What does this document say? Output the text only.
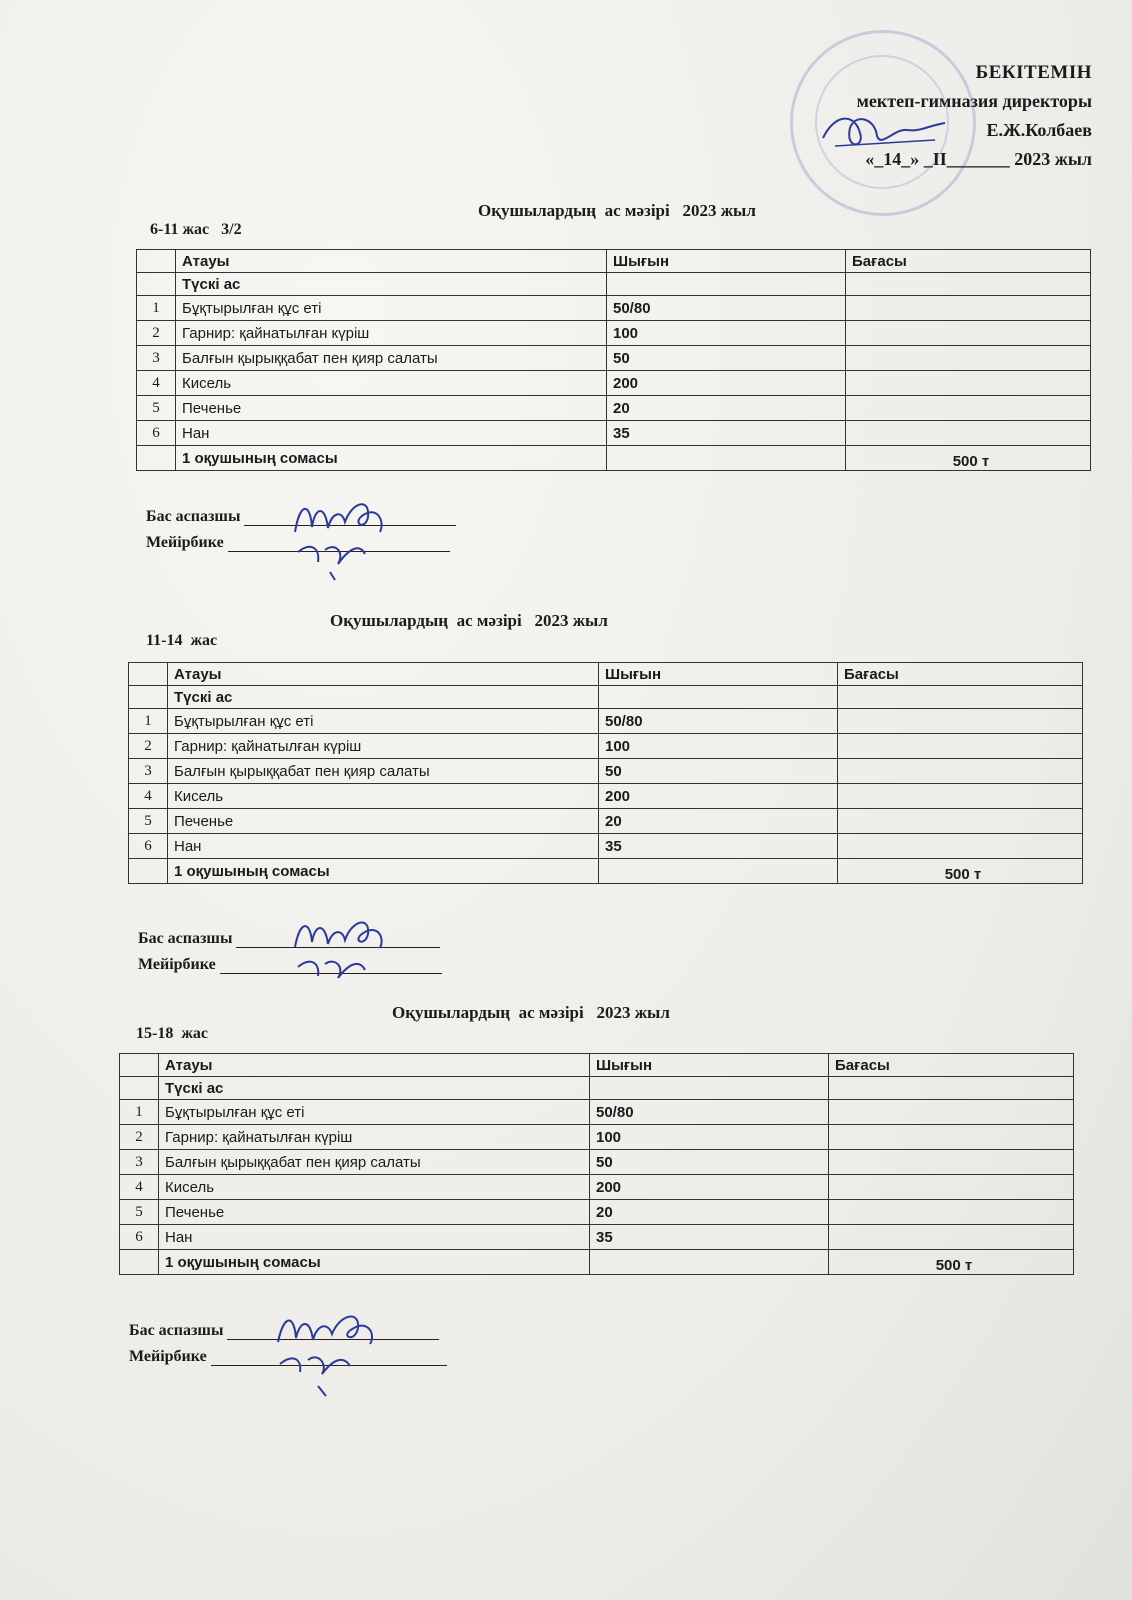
БЕКІТЕМІН
мектеп-гимназия директоры
Е.Ж.Колбаев
«_14_» _ІІ_______ 2023 жыл
Оқушылардың  ас мәзірі   2023 жыл
6-11 жас   3/2
	Атауы	Шығын	Бағасы
	Түскі ас		
1	Бұқтырылған құс еті	50/80	
2	Гарнир: қайнатылған күріш	100	
3	Балғын қырыққабат пен қияр салаты	50	
4	Кисель	200	
5	Печенье	20	
6	Нан	35	
	1 оқушының сомасы		500 т
Бас аспазшы
Мейірбике
Оқушылардың  ас мәзірі   2023 жыл
11-14  жас
	Атауы	Шығын	Бағасы
	Түскі ас		
1	Бұқтырылған құс еті	50/80	
2	Гарнир: қайнатылған күріш	100	
3	Балғын қырыққабат пен қияр салаты	50	
4	Кисель	200	
5	Печенье	20	
6	Нан	35	
	1 оқушының сомасы		500 т
Бас аспазшы
Мейірбике
Оқушылардың  ас мәзірі   2023 жыл
15-18  жас
	Атауы	Шығын	Бағасы
	Түскі ас		
1	Бұқтырылған құс еті	50/80	
2	Гарнир: қайнатылған күріш	100	
3	Балғын қырыққабат пен қияр салаты	50	
4	Кисель	200	
5	Печенье	20	
6	Нан	35	
	1 оқушының сомасы		500 т
Бас аспазшы
Мейірбике
